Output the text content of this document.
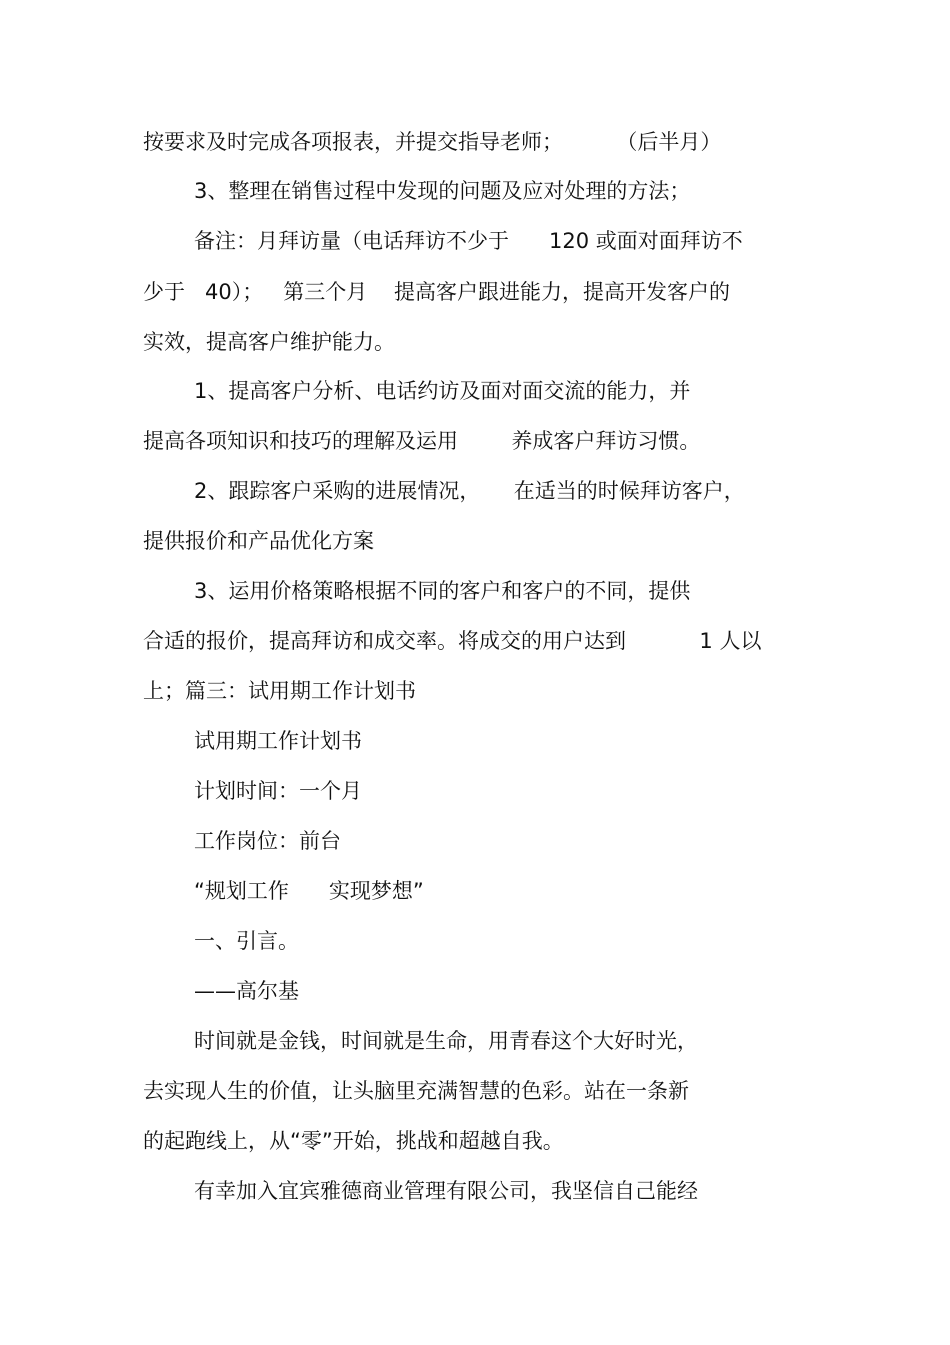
按要求及时完成各项报表，并提交指导老师；        （后半月）
3、整理在销售过程中发现的问题及应对处理的方法；
备注：月拜访量（电话拜访不少于      120 或面对面拜访不
少于   40）；   第三个月    提高客户跟进能力，提高开发客户的
实效，提高客户维护能力。
1、提高客户分析、电话约访及面对面交流的能力，并
提高各项知识和技巧的理解及运用        养成客户拜访习惯。
2、跟踪客户采购的进展情况，     在适当的时候拜访客户，
提供报价和产品优化方案
3、运用价格策略根据不同的客户和客户的不同，提供
合适的报价，提高拜访和成交率。将成交的用户达到           1 人以
上；篇三：试用期工作计划书
试用期工作计划书
计划时间：一个月
工作岗位：前台
“规划工作      实现梦想”
一、引言。
——高尔基
时间就是金钱，时间就是生命，用青春这个大好时光，
去实现人生的价值，让头脑里充满智慧的色彩。站在一条新
的起跑线上，从“零”开始，挑战和超越自我。
有幸加入宜宾雅德商业管理有限公司，我坚信自己能经
